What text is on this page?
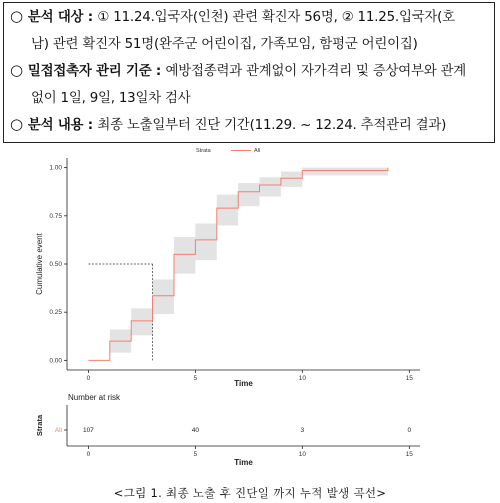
○ 분석 대상 : ① 11.24.입국자(인천) 관련 확진자 56명, ② 11.25.입국자(호
남) 관련 확진자 51명(완주군 어린이집, 가족모임, 함평군 어린이집)
○ 밀접접촉자 관리 기준 : 예방접종력과 관계없이 자가격리 및 증상여부와 관계
없이 1일, 9일, 13일차 검사
○ 분석 내용 : 최종 노출일부터 진단 기간(11.29. ~ 12.24. 추적관리 결과)
Strata	All
0.00
0.25
0.50
0.75
1.00
0	5	10	15
Time
Cumulative event
Number at risk
107	40	3	0
0	5	10	15
Strata All
Time
<그림 1. 최종 노출 후 진단일 까지 누적 발생 곡선>
